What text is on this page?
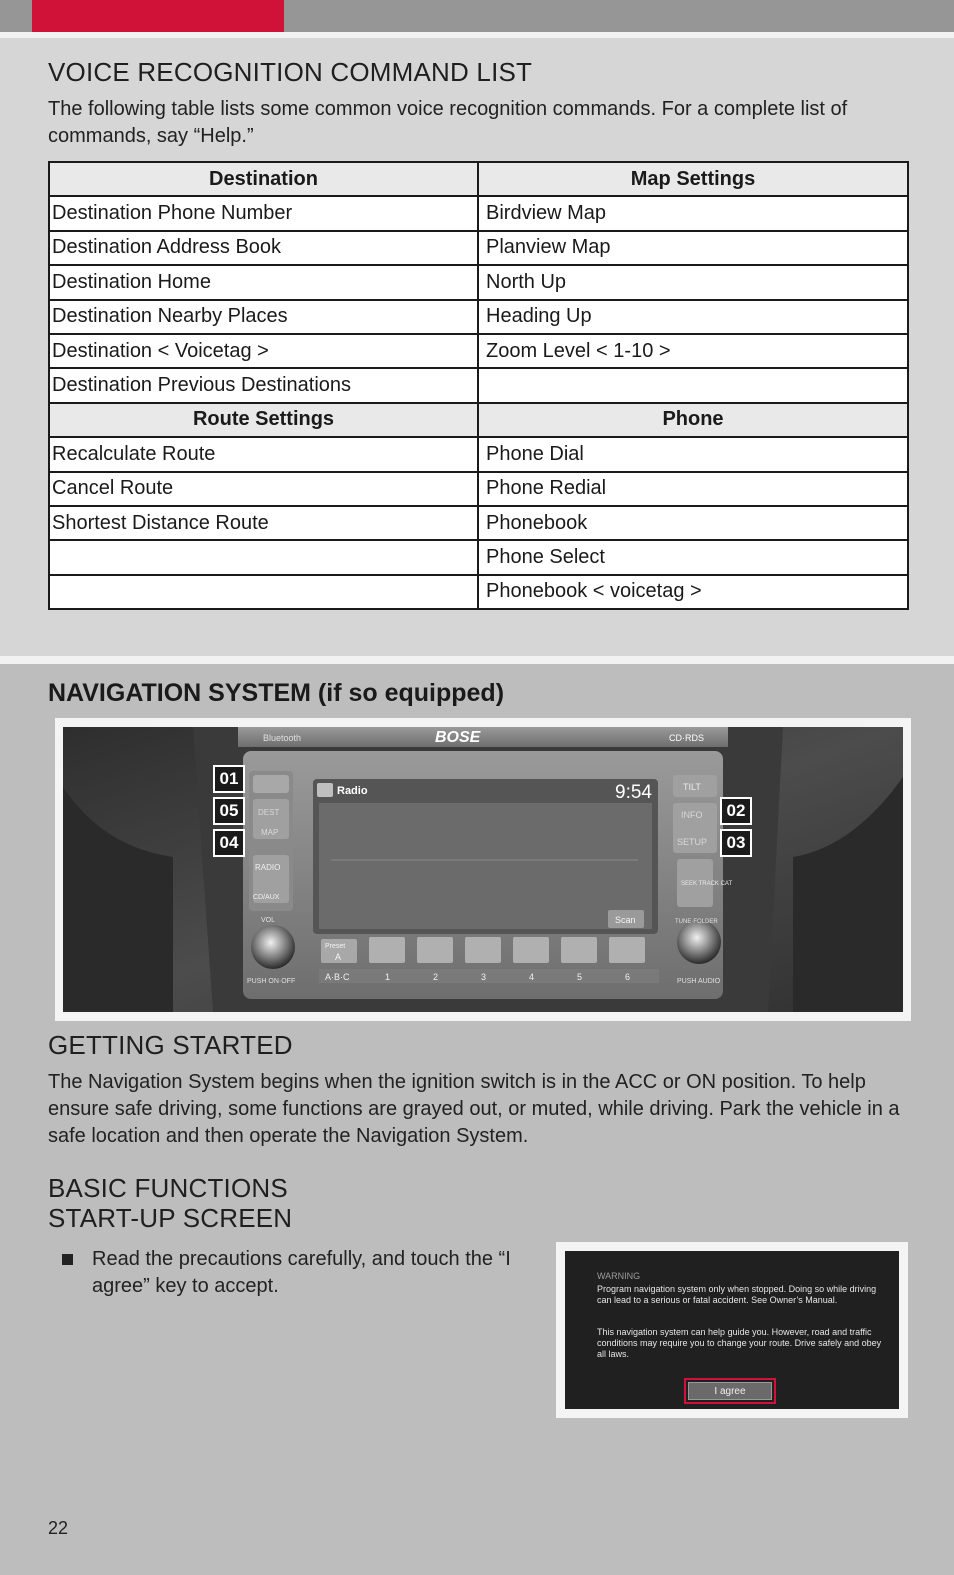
VOICE RECOGNITION COMMAND LIST
The following table lists some common voice recognition commands. For a complete list of commands, say “Help.”
Destination	Map Settings
Destination Phone Number	Birdview Map
Destination Address Book	Planview Map
Destination Home	North Up
Destination Nearby Places	Heading Up
Destination < Voicetag >	Zoom Level < 1-10 >
Destination Previous Destinations	
Route Settings	Phone
Recalculate Route	Phone Dial
Cancel Route	Phone Redial
Shortest Distance Route	Phonebook
	Phone Select
	Phonebook < voicetag >
NAVIGATION SYSTEM (if so equipped)
Bluetooth	BOSE	CD·RDS
DEST
MAP
RADIO
CD/AUX
Radio	9:54
Scan
Preset
A
A·B·C	1	2	3	4	5	6
TILT
INFO
SETUP
SEEK TRACK CAT
VOL
PUSH ON·OFF
TUNE·FOLDER
PUSH AUDIO
01
05
04
02
03
GETTING STARTED
The Navigation System begins when the ignition switch is in the ACC or ON position. To help ensure safe driving, some functions are grayed out, or muted, while driving. Park the vehicle in a safe location and then operate the Navigation System.
BASIC FUNCTIONS
START-UP SCREEN
Read the precautions carefully, and touch the “I agree” key to accept.	WARNING
Program navigation system only when stopped. Doing so while driving can lead to a serious or fatal accident. See Owner’s Manual.
This navigation system can help guide you. However, road and traffic conditions may require you to change your route. Drive safely and obey all laws.
I agree
22
